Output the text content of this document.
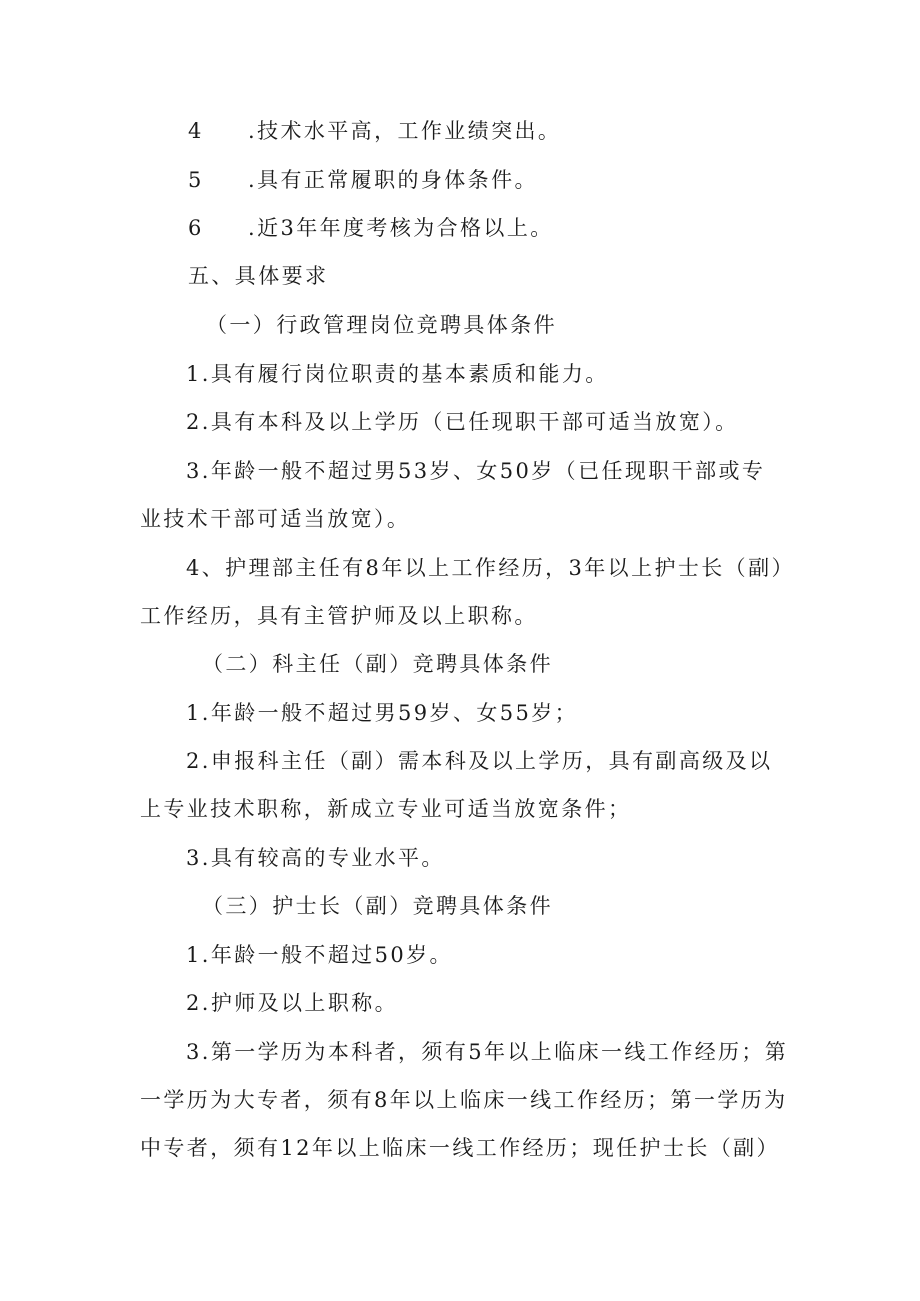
4 .技术水平高，工作业绩突出。
5 .具有正常履职的身体条件。
6 .近3年年度考核为合格以上。
五、具体要求
（一）行政管理岗位竞聘具体条件
1.具有履行岗位职责的基本素质和能力。
2.具有本科及以上学历（已任现职干部可适当放宽）。
3.年龄一般不超过男53岁、女50岁（已任现职干部或专
业技术干部可适当放宽）。
4、护理部主任有8年以上工作经历，3年以上护士长（副）
工作经历，具有主管护师及以上职称。
（二）科主任（副）竞聘具体条件
1.年龄一般不超过男59岁、女55岁；
2.申报科主任（副）需本科及以上学历，具有副高级及以
上专业技术职称，新成立专业可适当放宽条件；
3.具有较高的专业水平。
（三）护士长（副）竞聘具体条件
1.年龄一般不超过50岁。
2.护师及以上职称。
3.第一学历为本科者，须有5年以上临床一线工作经历；第
一学历为大专者，须有8年以上临床一线工作经历；第一学历为
中专者，须有12年以上临床一线工作经历；现任护士长（副）
